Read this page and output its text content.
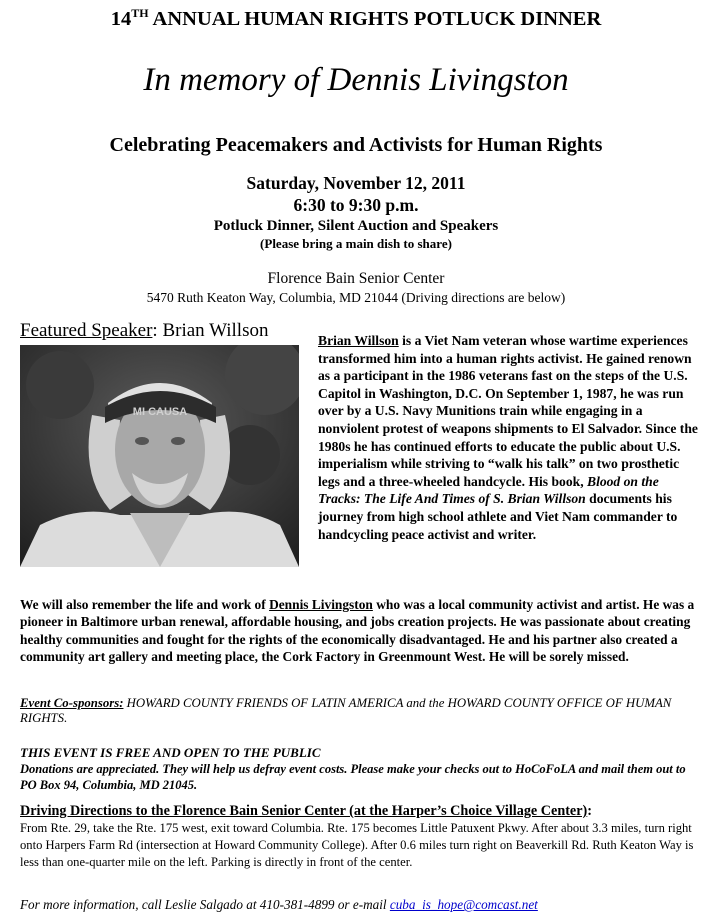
14TH ANNUAL HUMAN RIGHTS POTLUCK DINNER
In memory of Dennis Livingston
Celebrating Peacemakers and Activists for Human Rights
Saturday, November 12, 2011
6:30 to 9:30 p.m.
Potluck Dinner, Silent Auction and Speakers
(Please bring a main dish to share)
Florence Bain Senior Center
5470 Ruth Keaton Way, Columbia, MD 21044 (Driving directions are below)
Featured Speaker: Brian Willson
MI CAUSA
Brian Willson is a Viet Nam veteran whose wartime experiences transformed him into a human rights activist. He gained renown as a participant in the 1986 veterans fast on the steps of the U.S. Capitol in Washington, D.C. On September 1, 1987, he was run over by a U.S. Navy Munitions train while engaging in a nonviolent protest of weapons shipments to El Salvador. Since the 1980s he has continued efforts to educate the public about U.S. imperialism while striving to “walk his talk” on two prosthetic legs and a three-wheeled handcycle. His book, Blood on the Tracks: The Life And Times of S. Brian Willson documents his journey from high school athlete and Viet Nam commander to handcycling peace activist and writer.
We will also remember the life and work of Dennis Livingston who was a local community activist and artist. He was a pioneer in Baltimore urban renewal, affordable housing, and jobs creation projects. He was passionate about creating healthy communities and fought for the rights of the economically disadvantaged. He and his partner also created a community art gallery and meeting place, the Cork Factory in Greenmount West. He will be sorely missed.
Event Co-sponsors: HOWARD COUNTY FRIENDS OF LATIN AMERICA and the HOWARD COUNTY OFFICE OF HUMAN RIGHTS.
THIS EVENT IS FREE AND OPEN TO THE PUBLIC
Donations are appreciated. They will help us defray event costs. Please make your checks out to HoCoFoLA and mail them out to PO Box 94, Columbia, MD 21045.
Driving Directions to the Florence Bain Senior Center (at the Harper’s Choice Village Center):
From Rte. 29, take the Rte. 175 west, exit toward Columbia. Rte. 175 becomes Little Patuxent Pkwy. After about 3.3 miles, turn right onto Harpers Farm Rd (intersection at Howard Community College). After 0.6 miles turn right on Beaverkill Rd. Ruth Keaton Way is less than one-quarter mile on the left. Parking is directly in front of the center.
For more information, call Leslie Salgado at 410-381-4899 or e-mail cuba_is_hope@comcast.net
